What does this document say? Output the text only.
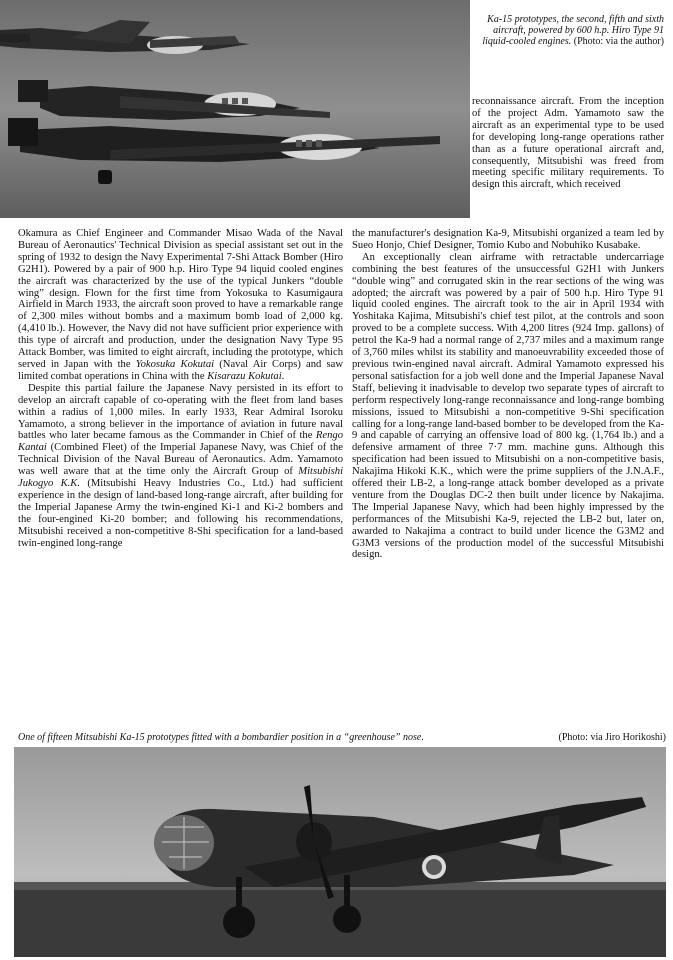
Ka-15 prototypes, the second, fifth and sixth aircraft, powered by 600 h.p. Hiro Type 91 liquid-cooled engines. (Photo: via the author)
reconnaissance aircraft. From the inception of the project Adm. Yamamoto saw the aircraft as an experimental type to be used for developing long-range operations rather than as a future operational aircraft and, consequently, Mitsubishi was freed from meeting specific military requirements. To design this aircraft, which received

Okamura as Chief Engineer and Commander Misao Wada of the Naval Bureau of Aeronautics' Technical Division as special assistant set out in the spring of 1932 to design the Navy Experimental 7-Shi Attack Bomber (Hiro G2H1). Powered by a pair of 900 h.p. Hiro Type 94 liquid cooled engines the aircraft was characterized by the use of the typical Junkers “double wing” design. Flown for the first time from Yokosuka to Kasumigaura Airfield in March 1933, the aircraft soon proved to have a remarkable range of 2,300 miles without bombs and a maximum bomb load of 2,000 kg. (4,410 lb.). However, the Navy did not have sufficient prior experience with this type of aircraft and production, under the designation Navy Type 95 Attack Bomber, was limited to eight aircraft, including the prototype, which served in Japan with the Yokosuka Kokutai (Naval Air Corps) and saw limited combat operations in China with the Kisarazu Kokutai.

Despite this partial failure the Japanese Navy persisted in its effort to develop an aircraft capable of co-operating with the fleet from land bases within a radius of 1,000 miles. In early 1933, Rear Admiral Isoroku Yamamoto, a strong believer in the importance of aviation in future naval battles who later became famous as the Commander in Chief of the Rengo Kantai (Combined Fleet) of the Imperial Japanese Navy, was Chief of the Technical Division of the Naval Bureau of Aeronautics. Adm. Yamamoto was well aware that at the time only the Aircraft Group of Mitsubishi Jukogyo K.K. (Mitsubishi Heavy Industries Co., Ltd.) had sufficient experience in the design of land-based long-range aircraft, after building for the Imperial Japanese Army the twin-engined Ki-1 and Ki-2 bombers and the four-engined Ki-20 bomber; and following his recommendations, Mitsubishi received a non-competitive 8-Shi specification for a land-based twin-engined long-range

the manufacturer's designation Ka-9, Mitsubishi organized a team led by Sueo Honjo, Chief Designer, Tomio Kubo and Nobuhiko Kusabake.

An exceptionally clean airframe with retractable undercarriage combining the best features of the unsuccessful G2H1 with Junkers “double wing” and corrugated skin in the rear sections of the wing was adopted; the aircraft was powered by a pair of 500 h.p. Hiro Type 91 liquid cooled engines. The aircraft took to the air in April 1934 with Yoshitaka Kajima, Mitsubishi's chief test pilot, at the controls and soon proved to be a complete success. With 4,200 litres (924 Imp. gallons) of petrol the Ka-9 had a normal range of 2,737 miles and a maximum range of 3,760 miles whilst its stability and manoeuvrability exceeded those of previous twin-engined naval aircraft. Admiral Yamamoto expressed his personal satisfaction for a job well done and the Imperial Japanese Naval Staff, believing it inadvisable to develop two separate types of aircraft to perform respectively long-range reconnaissance and long-range bombing missions, issued to Mitsubishi a non-competitive 9-Shi specification calling for a long-range land-based bomber to be developed from the Ka-9 and capable of carrying an offensive load of 800 kg. (1,764 lb.) and a defensive armament of three 7·7 mm. machine guns. Although this specification had been issued to Mitsubishi on a non-competitive basis, Nakajima Hikoki K.K., which were the prime suppliers of the J.N.A.F., offered their LB-2, a long-range attack bomber developed as a private venture from the Douglas DC-2 then built under licence by Nakajima. The Imperial Japanese Navy, which had been highly impressed by the performances of the Mitsubishi Ka-9, rejected the LB-2 but, later on, awarded to Nakajima a contract to build under licence the G3M2 and G3M3 versions of the production model of the successful Mitsubishi design.

One of fifteen Mitsubishi Ka-15 prototypes fitted with a bombardier position in a “greenhouse” nose.	(Photo: via Jiro Horikoshi)
